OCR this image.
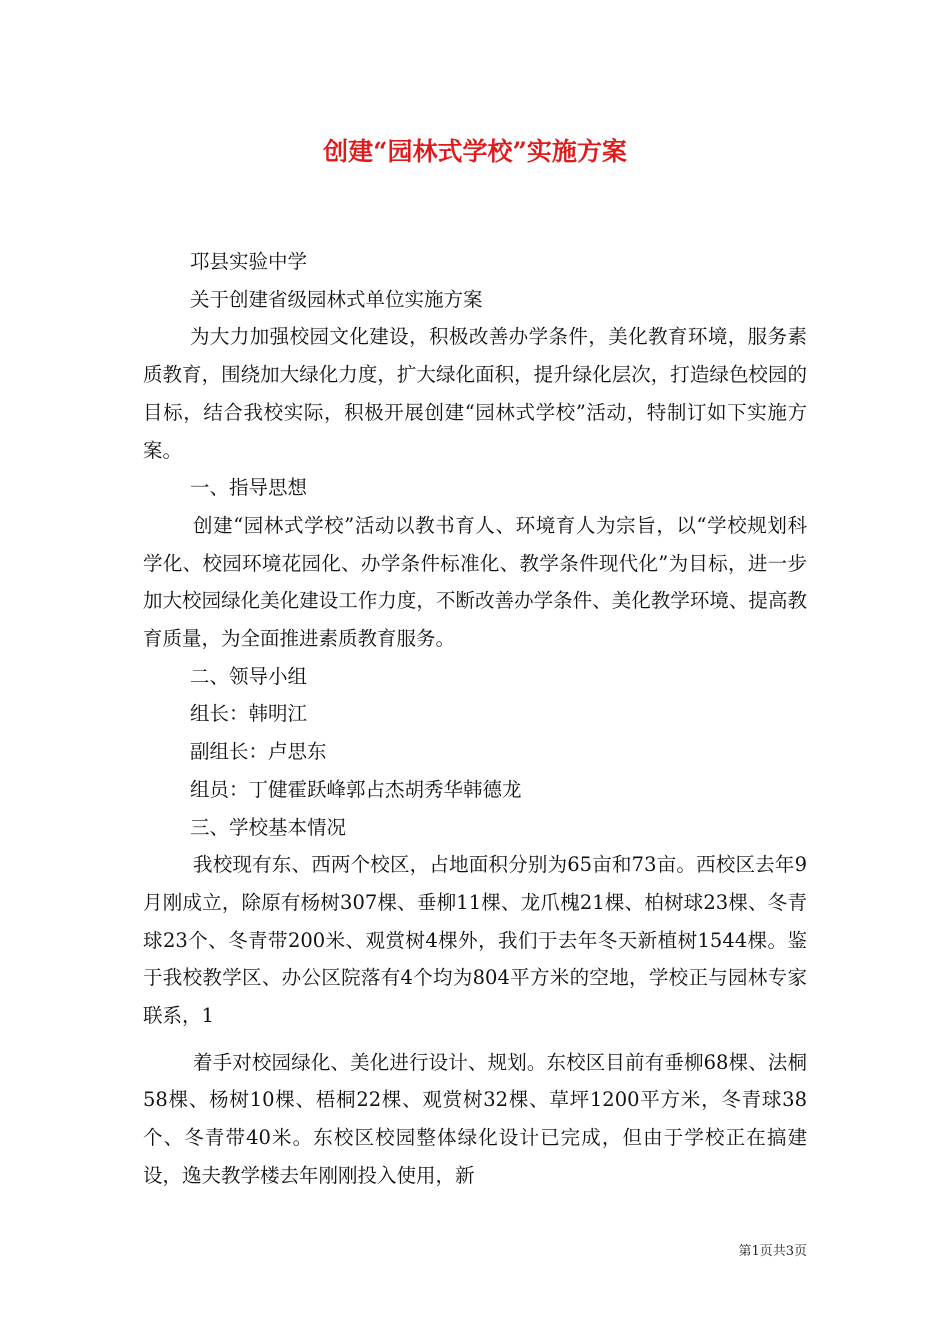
创建“园林式学校”实施方案

邛县实验中学

关于创建省级园林式单位实施方案

为大力加强校园文化建设，积极改善办学条件，美化教育环境，服务素质教育，围绕加大绿化力度，扩大绿化面积，提升绿化层次，打造绿色校园的目标，结合我校实际，积极开展创建“园林式学校”活动，特制订如下实施方案。

一、指导思想

创建“园林式学校”活动以教书育人、环境育人为宗旨，以“学校规划科学化、校园环境花园化、办学条件标准化、教学条件现代化”为目标，进一步加大校园绿化美化建设工作力度，不断改善办学条件、美化教学环境、提高教育质量，为全面推进素质教育服务。

二、领导小组

组长：韩明江

副组长：卢思东

组员：丁健霍跃峰郭占杰胡秀华韩德龙

三、学校基本情况

我校现有东、西两个校区，占地面积分别为65亩和73亩。西校区去年9月刚成立，除原有杨树307棵、垂柳11棵、龙爪槐21棵、柏树球23棵、冬青球23个、冬青带200米、观赏树4棵外，我们于去年冬天新植树1544棵。鉴于我校教学区、办公区院落有4个均为804平方米的空地，学校正与园林专家联系，1

着手对校园绿化、美化进行设计、规划。东校区目前有垂柳68棵、法桐58棵、杨树10棵、梧桐22棵、观赏树32棵、草坪1200平方米，冬青球38个、冬青带40米。东校区校园整体绿化设计已完成，但由于学校正在搞建设，逸夫教学楼去年刚刚投入使用，新

第1页共3页
